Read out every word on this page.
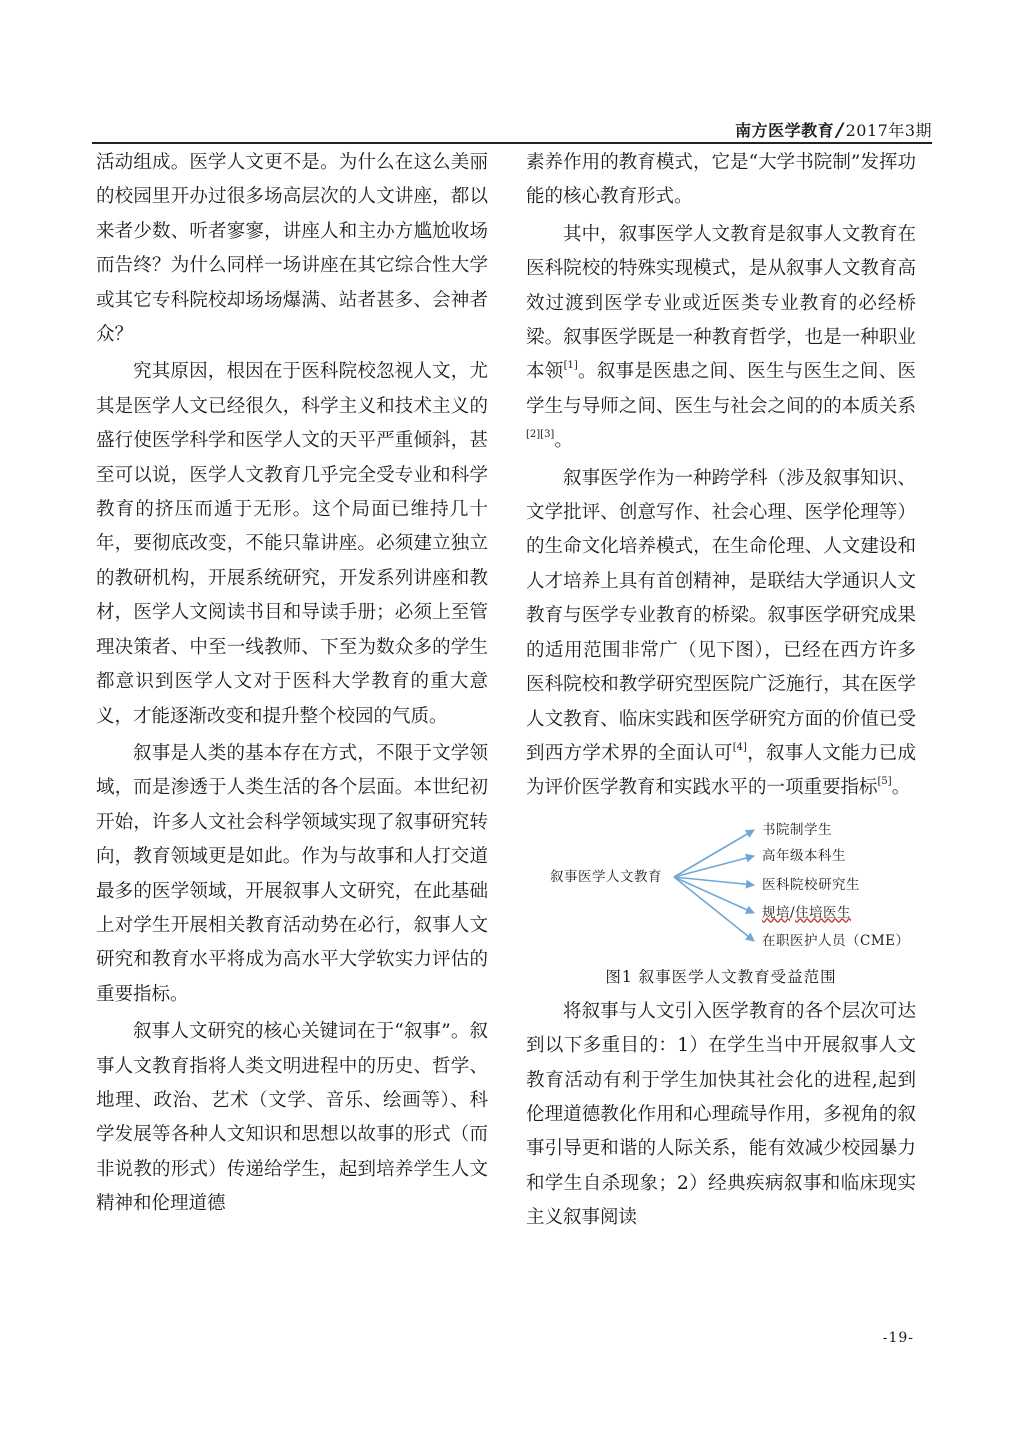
南方医学教育 / 2017年3期

活动组成。医学人文更不是。为什么在这么美丽的校园里开办过很多场高层次的人文讲座，都以来者少数、听者寥寥，讲座人和主办方尴尬收场而告终？为什么同样一场讲座在其它综合性大学或其它专科院校却场场爆满、站者甚多、会神者众？

究其原因，根因在于医科院校忽视人文，尤其是医学人文已经很久，科学主义和技术主义的盛行使医学科学和医学人文的天平严重倾斜，甚至可以说，医学人文教育几乎完全受专业和科学教育的挤压而遁于无形。这个局面已维持几十年，要彻底改变，不能只靠讲座。必须建立独立的教研机构，开展系统研究，开发系列讲座和教材，医学人文阅读书目和导读手册；必须上至管理决策者、中至一线教师、下至为数众多的学生都意识到医学人文对于医科大学教育的重大意义，才能逐渐改变和提升整个校园的气质。

叙事是人类的基本存在方式，不限于文学领域，而是渗透于人类生活的各个层面。本世纪初开始，许多人文社会科学领域实现了叙事研究转向，教育领域更是如此。作为与故事和人打交道最多的医学领域，开展叙事人文研究，在此基础上对学生开展相关教育活动势在必行，叙事人文研究和教育水平将成为高水平大学软实力评估的重要指标。

叙事人文研究的核心关键词在于“叙事”。叙事人文教育指将人类文明进程中的历史、哲学、地理、政治、艺术（文学、音乐、绘画等）、科学发展等各种人文知识和思想以故事的形式（而非说教的形式）传递给学生，起到培养学生人文精神和伦理道德

素养作用的教育模式，它是“大学书院制”发挥功能的核心教育形式。

其中，叙事医学人文教育是叙事人文教育在医科院校的特殊实现模式，是从叙事人文教育高效过渡到医学专业或近医类专业教育的必经桥梁。叙事医学既是一种教育哲学，也是一种职业本领[1]。叙事是医患之间、医生与医生之间、医学生与导师之间、医生与社会之间的的本质关系[2][3]。

叙事医学作为一种跨学科（涉及叙事知识、文学批评、创意写作、社会心理、医学伦理等）的生命文化培养模式，在生命伦理、人文建设和人才培养上具有首创精神，是联结大学通识人文教育与医学专业教育的桥梁。叙事医学研究成果的适用范围非常广（见下图），已经在西方许多医科院校和教学研究型医院广泛施行，其在医学人文教育、临床实践和医学研究方面的价值已受到西方学术界的全面认可[4]，叙事人文能力已成为评价医学教育和实践水平的一项重要指标[5]。

叙事医学人文教育
书院制学生
高年级本科生
医科院校研究生
规培/住培医生
在职医护人员（CME）

图1 叙事医学人文教育受益范围

将叙事与人文引入医学教育的各个层次可达到以下多重目的：1）在学生当中开展叙事人文教育活动有利于学生加快其社会化的进程,起到伦理道德教化作用和心理疏导作用，多视角的叙事引导更和谐的人际关系，能有效减少校园暴力和学生自杀现象；2）经典疾病叙事和临床现实主义叙事阅读

-19-
